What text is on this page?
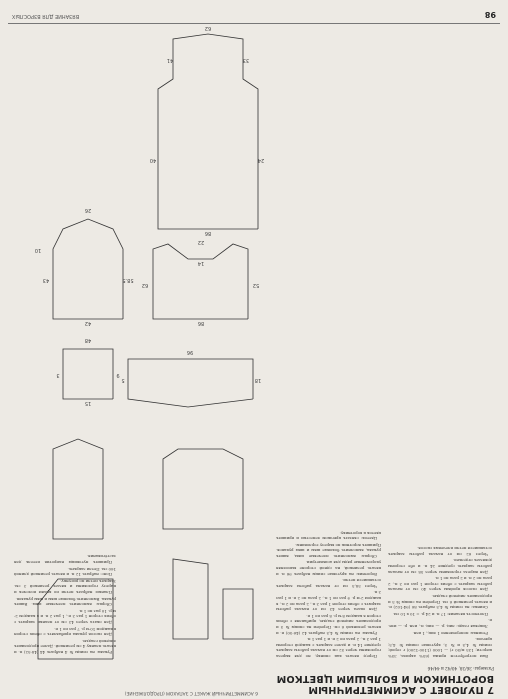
7 ПУЛОВЕТ С АСИММЕТРИЧНЫМ ВОРОТНИКОМ И БОЛЬШИМ ЦВЕТКОМ
Размеры: 36/38, 40/42 и 44/46

Вам потребуется: пряжа (65% акрила, 35% шерсти; 135 м/50 г) — 1000 (1100-1200) г серой; спицы № 4,5 и № 5, круговые спицы № 4,5; крючок.

Резинка: попеременно 1 лиц., 1 изн.

Лицевая гладь: лиц. р. — лиц. п., изн. р. — изн. п.

Плотность вязания: 17 п. и 24 р. = 10 х 10 см.

Спинка: на спицы № 4,5 набрать 86 (94-102) п. и вязать резинкой 6 см. Перейти на спицы № 5 и продолжить лицевой гладью.

Для скосов проймы через 40 см от начала работы закрыть с обеих сторон 1 раз по 3 п., 2 раза по 2 п. и 2 раза по 1 п.

Для выреза горловины через 58 см от начала работы закрыть средние 24 п. и обе стороны довязать отдельно.

Через 62 см от начала работы закрыть оставшиеся петли плечевых скосов.

Перед: вязать как спинку, но для выреза горловины через 52 см от начала работы закрыть средние 14 п. и далее закрыть с каждой стороны 1 раз 3 п., 2 раза по 2 п. и 1 раз 1 п.

Рукава: на спицы № 4,5 набрать 42 (46-50) п. и вязать резинкой 6 см. Перейти на спицы № 5 и продолжить лицевой гладью, прибавляя с обеих сторон в каждом 8-м р. 8 раз по 1 п.

Для оката через 43 см от начала работы закрыть с обеих сторон 1 раз 3 п., 2 раза по 2 п., в каждом 2-м р. 9 раз по 1 п., 2 раза по 2 п. и 1 раз 3 п.

Через 58,5 см от начала работы закрыть оставшиеся петли.

Воротник: на круговые спицы набрать 96 п. и вязать резинкой, на одной стороне выполняя укороченные ряды для асимметрии.

Сборка: выполнить плечевые швы, вшить рукава, выполнить боковые швы и швы рукавов. Пришить воротник по вырезу горловины.

Цветок: связать крючком лепестки и пришить цветок к воротнику.

Рукава: на спицы № 4 набрать 44 (48-52) п. и вязать планку 4 см резинкой. Далее продолжить лицевой гладью.

Для скосов рукава прибавлять с обеих сторон в каждом 10-м р. 7 раз по 1 п.

Для оката через 43 см от планки закрыть с обеих сторон 1 раз 3 п., 1 раз 2 п. и в каждом 2-м р. 10 раз по 1 п.

Сборка: выполнить плечевые швы. Вшить рукава. Выполнить боковые швы и швы рукавов.

Планки: набрать петли по краям полочек и вырезу горловины и вязать резинкой 3 см. Закрыть петли по рисунку.

Пояс: набрать 12 п. и вязать резинкой длиной 160 см. Петли закрыть.

Пришить пуговицы напротив петель для застёгивания.

6 АСИММЕТРИЧНЫЙ ЖАКЕТ С ЗАПАХОМ (ПРОДОЛЖЕНИЕ)
86
24
40
62
41	33
86
14
52
62
22
42
58.5
43
26
10
96
18
5
15
9
3
48
98
ВЯЗАНИЕ ДЛЯ ВЗРОСЛЫХ
